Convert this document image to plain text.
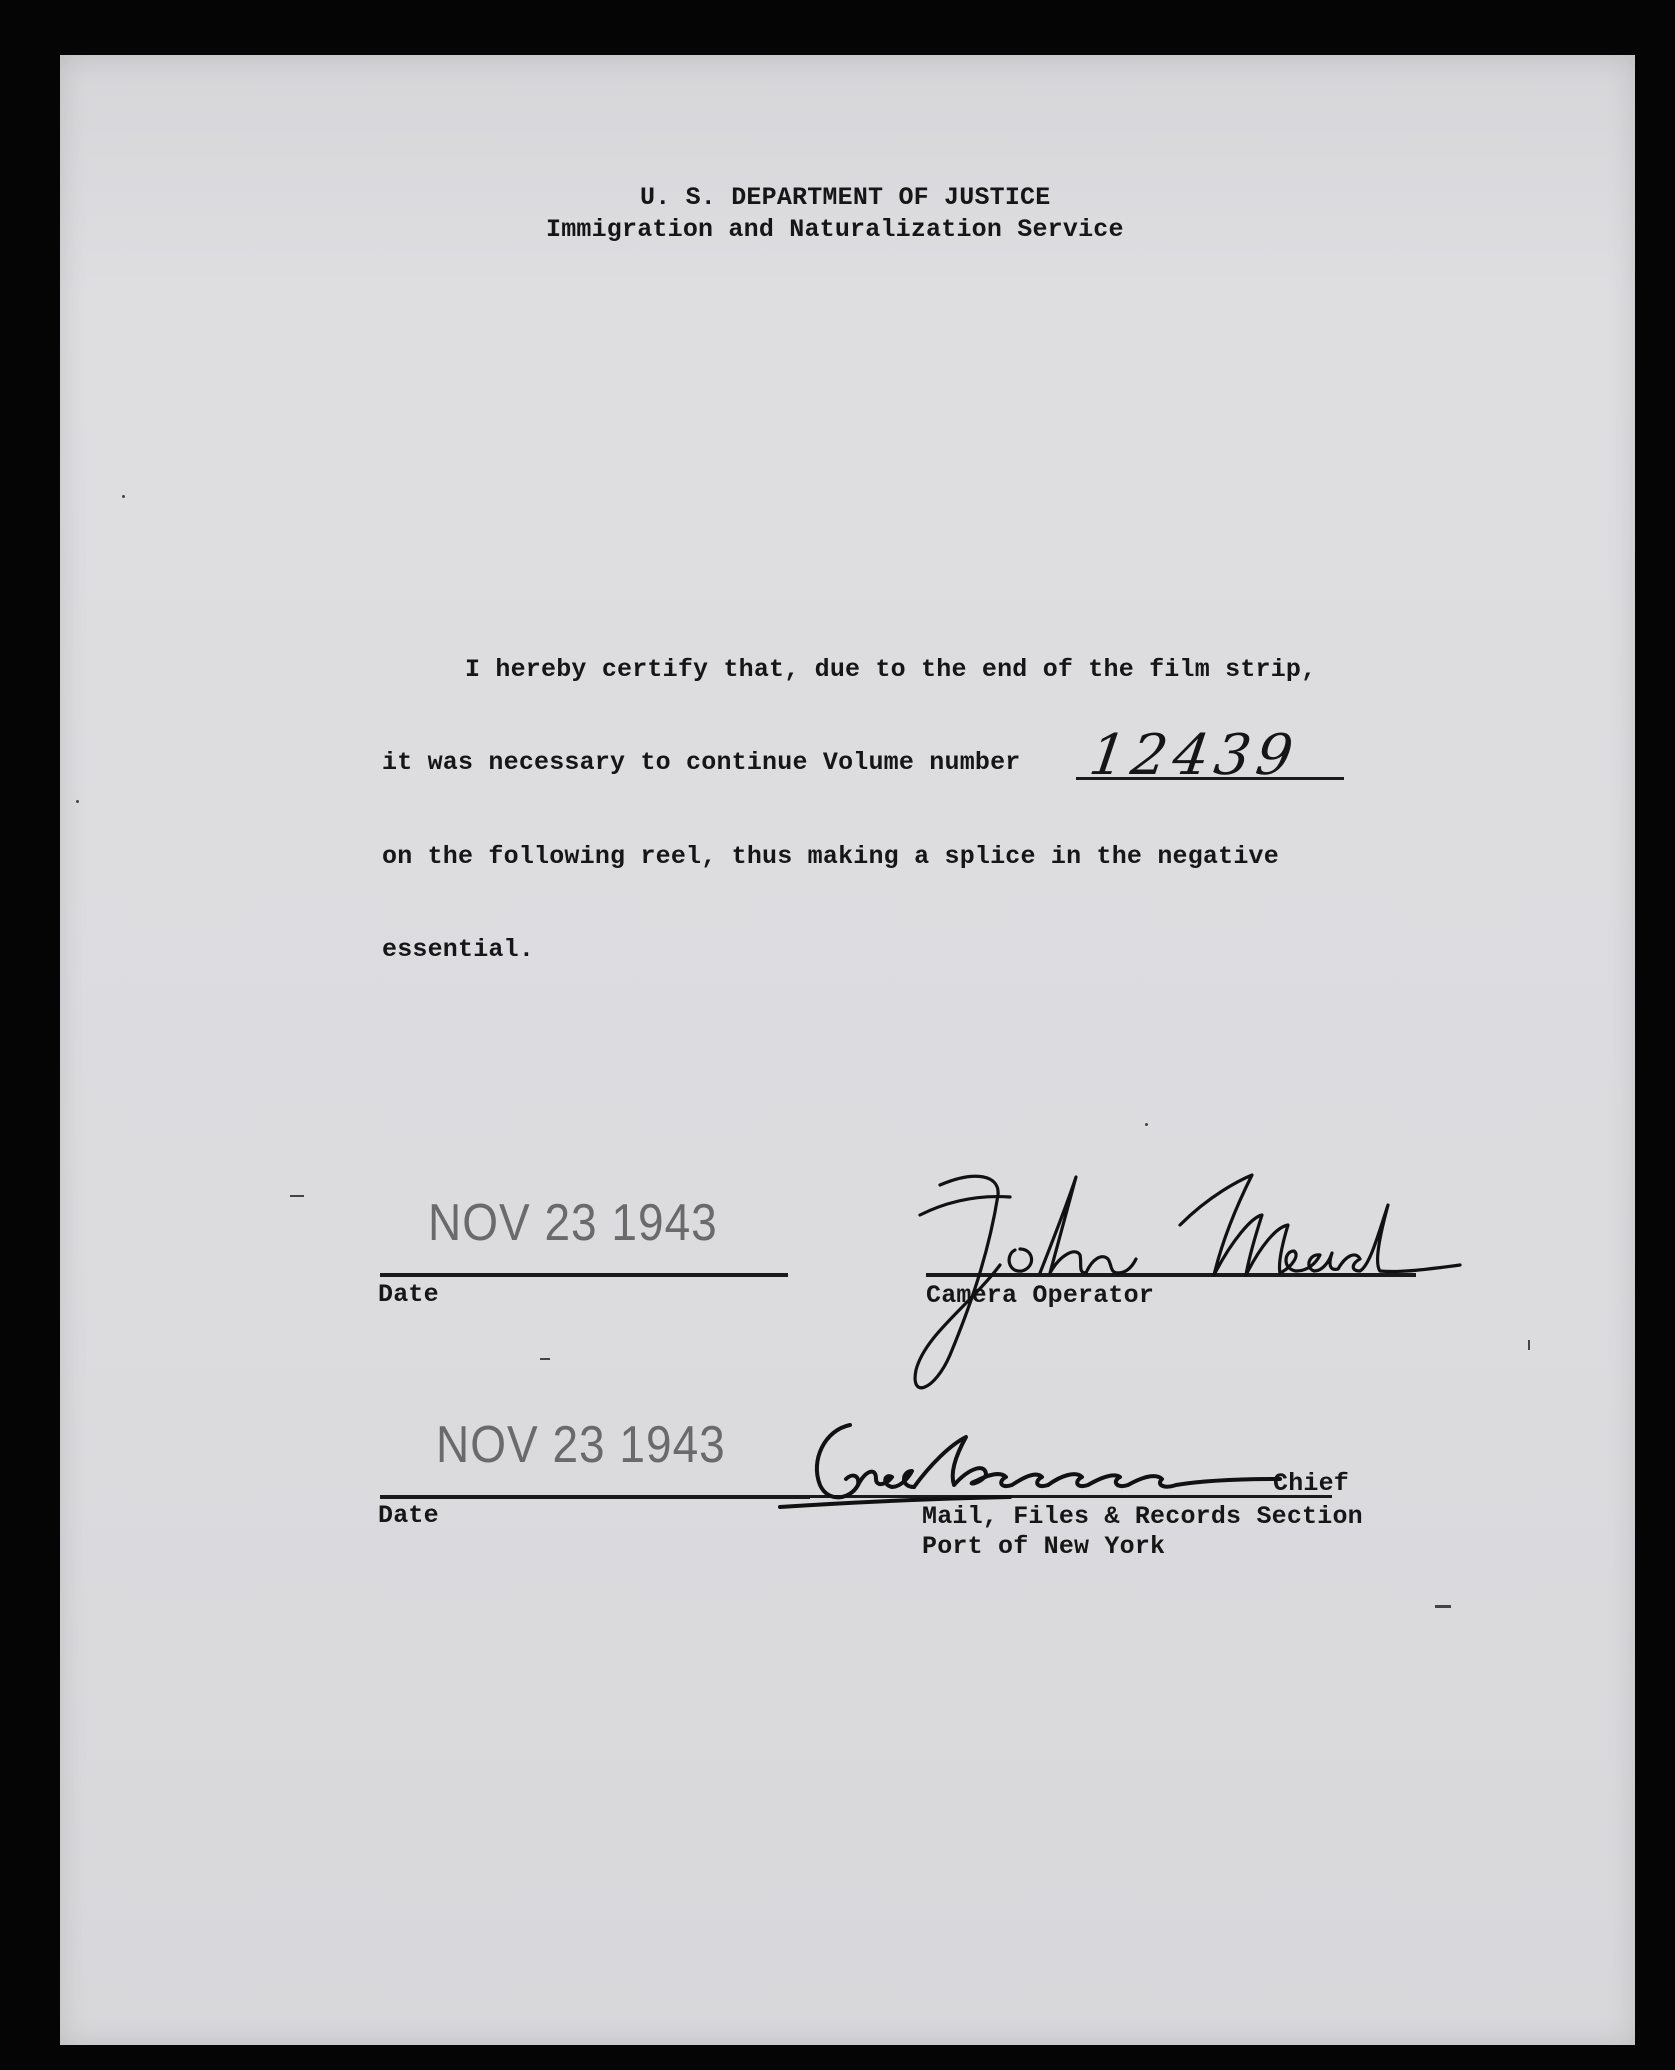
U. S. DEPARTMENT OF JUSTICE
Immigration and Naturalization Service
I hereby certify that, due to the end of the film strip,
it was necessary to continue Volume number 12439
on the following reel, thus making a splice in the negative
essential.
NOV 23 1943
Date	Camera Operator
NOV 23 1943
Date
Chief
Mail, Files & Records Section
Port of New York
